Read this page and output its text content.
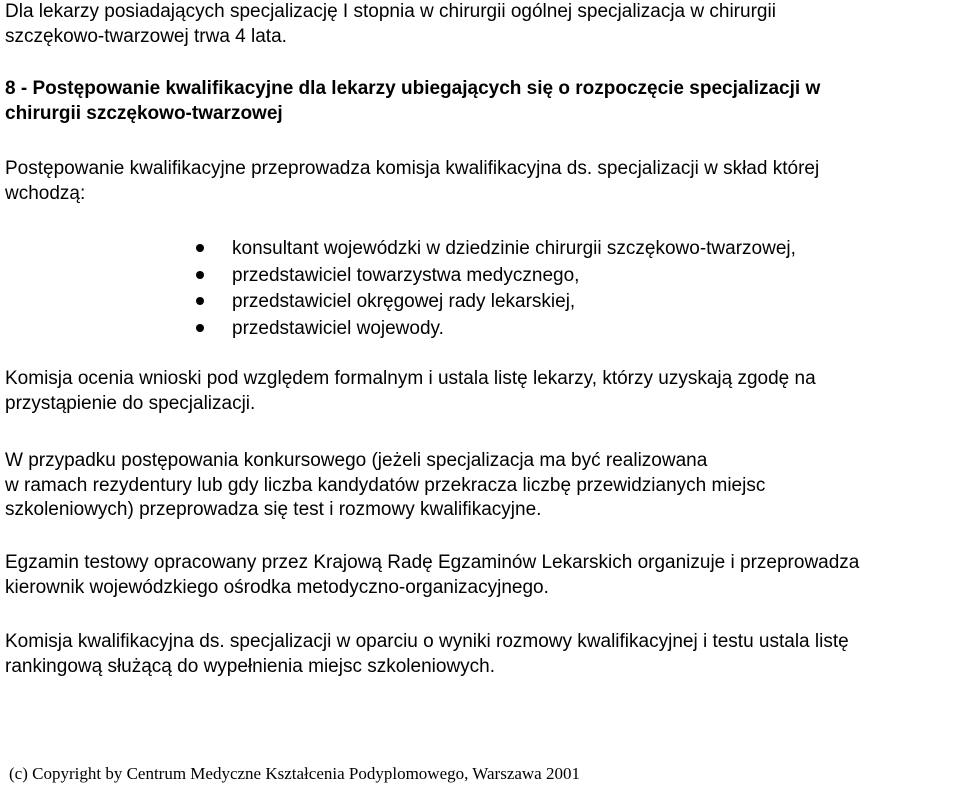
Dla lekarzy posiadających specjalizację I stopnia w chirurgii ogólnej specjalizacja w chirurgii
szczękowo-twarzowej trwa 4 lata.

8 - Postępowanie kwalifikacyjne dla lekarzy ubiegających się o rozpoczęcie specjalizacji w
chirurgii szczękowo-twarzowej

Postępowanie kwalifikacyjne przeprowadza komisja kwalifikacyjna ds. specjalizacji w skład której
wchodzą:

konsultant wojewódzki w dziedzinie chirurgii szczękowo-twarzowej,
przedstawiciel towarzystwa medycznego,
przedstawiciel okręgowej rady lekarskiej,
przedstawiciel wojewody.

Komisja ocenia wnioski pod względem formalnym i ustala listę lekarzy, którzy uzyskają zgodę na
przystąpienie do specjalizacji.

W przypadku postępowania konkursowego (jeżeli specjalizacja ma być realizowana
w ramach rezydentury lub gdy liczba kandydatów przekracza liczbę przewidzianych miejsc
szkoleniowych) przeprowadza się test i rozmowy kwalifikacyjne.

Egzamin testowy opracowany przez Krajową Radę Egzaminów Lekarskich organizuje i przeprowadza
kierownik wojewódzkiego ośrodka metodyczno-organizacyjnego.

Komisja kwalifikacyjna ds. specjalizacji w oparciu o wyniki rozmowy kwalifikacyjnej i testu ustala listę
rankingową służącą do wypełnienia miejsc szkoleniowych.

(c) Copyright by Centrum Medyczne Kształcenia Podyplomowego, Warszawa 2001
